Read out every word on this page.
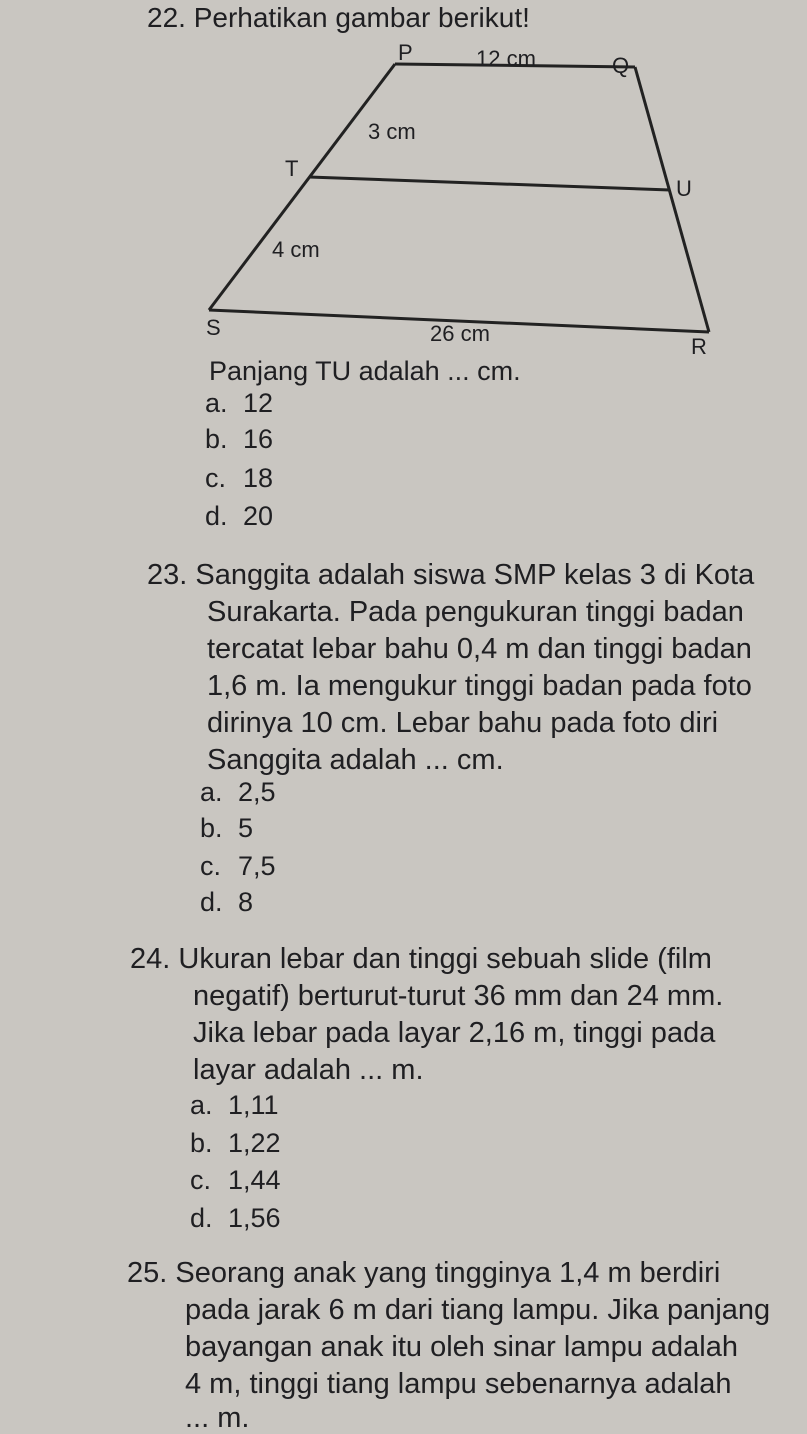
22. Perhatikan gambar berikut!
P
Q
T
U
S
R
12 cm
3 cm
4 cm
26 cm
Panjang TU adalah ... cm.
a. 12
b. 16
c. 18
d. 20
23. Sanggita adalah siswa SMP kelas 3 di Kota
Surakarta. Pada pengukuran tinggi badan
tercatat lebar bahu 0,4 m dan tinggi badan
1,6 m. Ia mengukur tinggi badan pada foto
dirinya 10 cm. Lebar bahu pada foto diri
Sanggita adalah ... cm.
a. 2,5
b. 5
c. 7,5
d. 8
24. Ukuran lebar dan tinggi sebuah slide (film
negatif) berturut-turut 36 mm dan 24 mm.
Jika lebar pada layar 2,16 m, tinggi pada
layar adalah ... m.
a. 1,11
b. 1,22
c. 1,44
d. 1,56
25. Seorang anak yang tingginya 1,4 m berdiri
pada jarak 6 m dari tiang lampu. Jika panjang
bayangan anak itu oleh sinar lampu adalah
4 m, tinggi tiang lampu sebenarnya adalah
... m.
